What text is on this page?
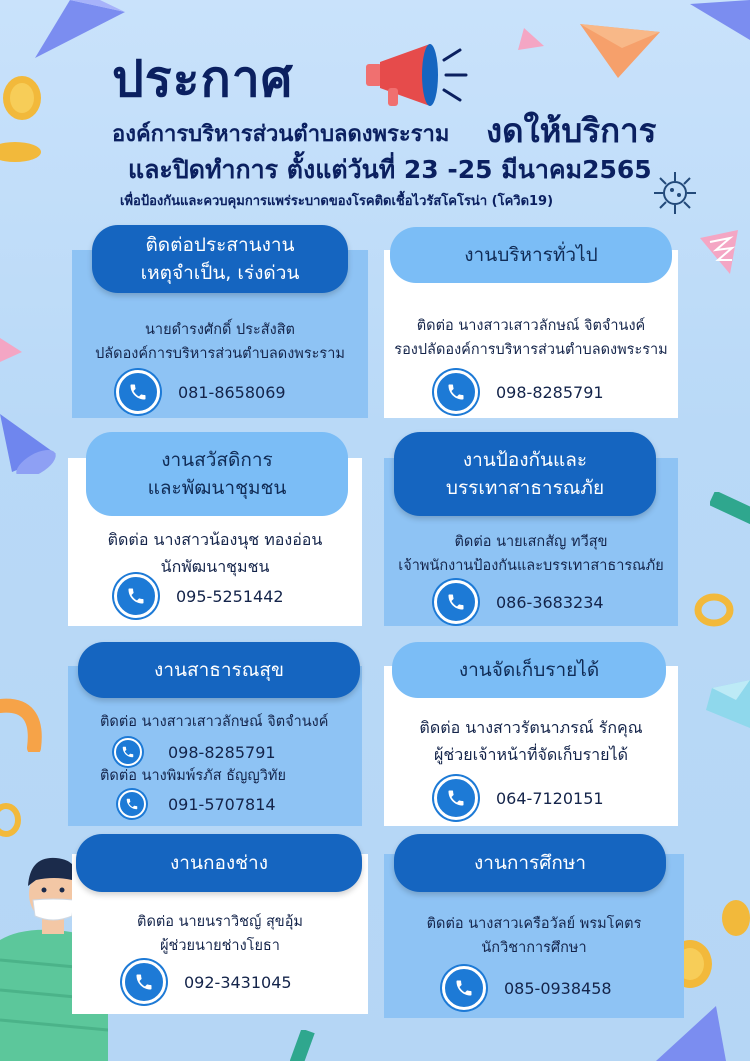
ประกาศ

องค์การบริหารส่วนตำบลดงพระราม งดให้บริการ

และปิดทำการ ตั้งแต่วันที่ 23 -25 มีนาคม2565

เพื่อป้องกันและควบคุมการแพร่ระบาดของโรคติดเชื้อไวรัสโคโรน่า (โควิด19)

ติดต่อประสานงาน
เหตุจำเป็น, เร่งด่วน
นายดำรงศักดิ์ ประสังสิต
ปลัดองค์การบริหารส่วนตำบลดงพระราม
081-8658069
งานบริหารทั่วไป
ติดต่อ นางสาวเสาวลักษณ์ จิตจำนงค์
รองปลัดองค์การบริหารส่วนตำบลดงพระราม
098-8285791
งานสวัสดิการ
และพัฒนาชุมชน
ติดต่อ นางสาวน้องนุช ทองอ่อน
นักพัฒนาชุมชน
095-5251442
งานป้องกันและ
บรรเทาสาธารณภัย
ติดต่อ นายเสกสัญ ทวีสุข
เจ้าพนักงานป้องกันและบรรเทาสาธารณภัย
086-3683234
งานสาธารณสุข
ติดต่อ นางสาวเสาวลักษณ์ จิตจำนงค์
098-8285791
ติดต่อ นางพิมพ์รภัส ธัญญวิทัย
091-5707814
งานจัดเก็บรายได้
ติดต่อ นางสาวรัตนาภรณ์ รักคุณ
ผู้ช่วยเจ้าหน้าที่จัดเก็บรายได้
064-7120151
งานกองช่าง
ติดต่อ นายนราวิชญ์ สุขอุ้ม
ผู้ช่วยนายช่างโยธา
092-3431045
งานการศึกษา
ติดต่อ นางสาวเครือวัลย์ พรมโคตร
นักวิชาการศึกษา
085-0938458
